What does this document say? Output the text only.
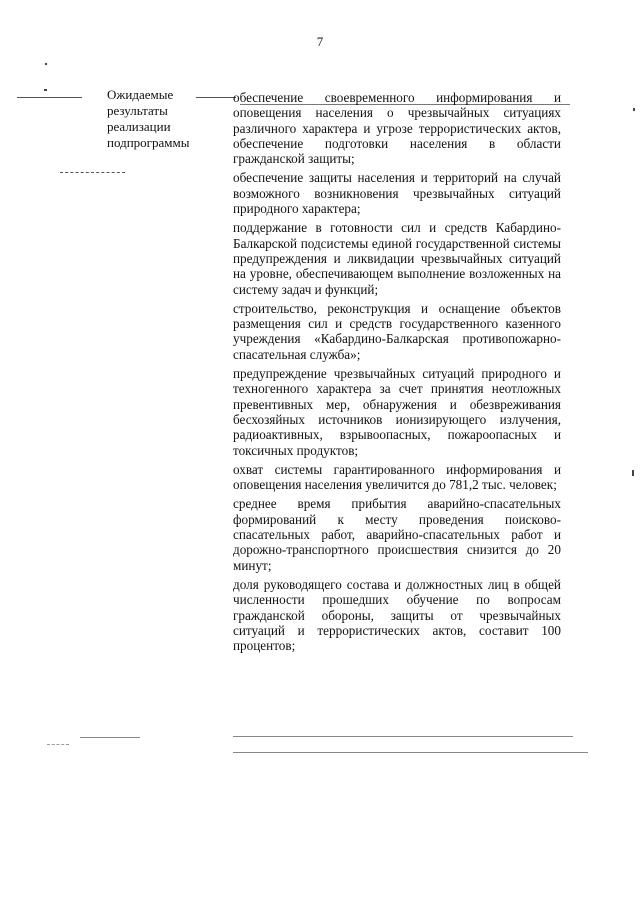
7
Ожидаемые
результаты
реализации
подпрограммы

обеспечение своевременного информирования и оповещения населения о чрезвычайных ситуациях различного характера и угрозе террористических актов, обеспечение подготовки населения в области гражданской защиты;

обеспечение защиты населения и территорий на случай возможного возникновения чрезвычайных ситуаций природного характера;

поддержание в готовности сил и средств Кабардино-Балкарской подсистемы единой государственной системы предупреждения и ликвидации чрезвычайных ситуаций на уровне, обеспечивающем выполнение возложенных на систему задач и функций;

строительство, реконструкция и оснащение объектов размещения сил и средств государственного казенного учреждения «Кабардино-Балкарская противопожарно-спасательная служба»;

предупреждение чрезвычайных ситуаций природного и техногенного характера за счет принятия неотложных превентивных мер, обнаружения и обезвреживания бесхозяйных источников ионизирующего излучения, радиоактивных, взрывоопасных, пожароопасных и токсичных продуктов;

охват системы гарантированного информирования и оповещения населения увеличится до 781,2 тыс. человек;

среднее время прибытия аварийно-спасательных формирований к месту проведения поисково-спасательных работ, аварийно-спасательных работ и дорожно-транспортного происшествия снизится до 20 минут;

доля руководящего состава и должностных лиц в общей численности прошедших обучение по вопросам гражданской обороны, защиты от чрезвычайных ситуаций и террористических актов, составит 100 процентов;
